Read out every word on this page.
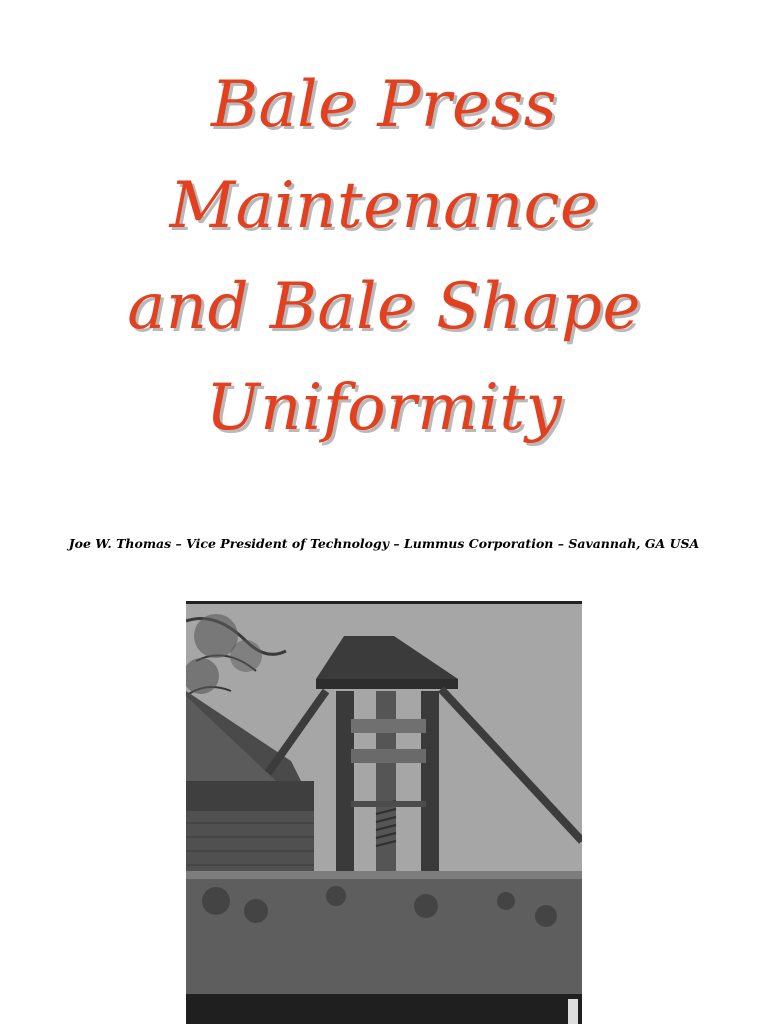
Bale Press
Maintenance
and Bale Shape
Uniformity
Joe W. Thomas – Vice President of Technology – Lummus Corporation – Savannah, GA USA
